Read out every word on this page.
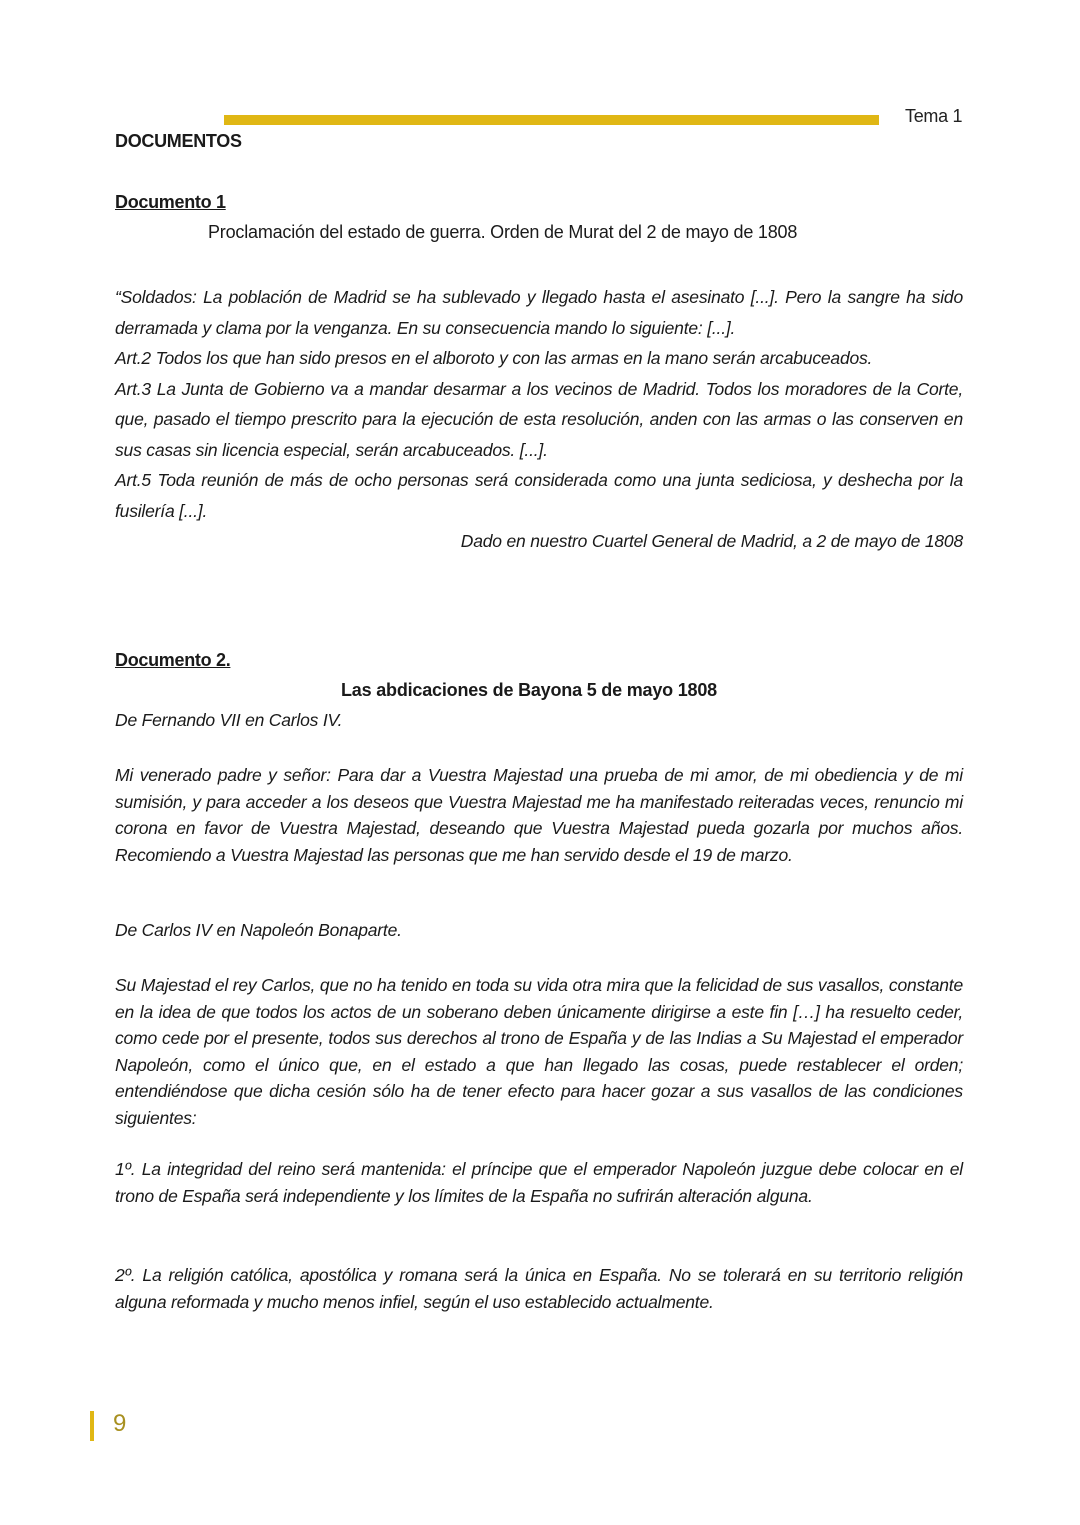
Tema 1
DOCUMENTOS
Documento 1
Proclamación del estado de guerra. Orden de Murat del 2 de mayo de 1808

“Soldados: La población de Madrid se ha sublevado y llegado hasta el asesinato [...]. Pero la sangre ha sido derramada y clama por la venganza. En su consecuencia mando lo siguiente: [...].

Art.2 Todos los que han sido presos en el alboroto y con las armas en la mano serán arcabuceados.

Art.3 La Junta de Gobierno va a mandar desarmar a los vecinos de Madrid. Todos los moradores de la Corte, que, pasado el tiempo prescrito para la ejecución de esta resolución, anden con las armas o las conserven en sus casas sin licencia especial, serán arcabuceados. [...].

Art.5 Toda reunión de más de ocho personas será considerada como una junta sediciosa, y deshecha por la fusilería [...].

Dado en nuestro Cuartel General de Madrid, a 2 de mayo de 1808

Documento 2.
Las abdicaciones de Bayona 5 de mayo 1808
De Fernando VII en Carlos IV.
Mi venerado padre y señor: Para dar a Vuestra Majestad una prueba de mi amor, de mi obediencia y de mi sumisión, y para acceder a los deseos que Vuestra Majestad me ha manifestado reiteradas veces, renuncio mi corona en favor de Vuestra Majestad, deseando que Vuestra Majestad pueda gozarla por muchos años. Recomiendo a Vuestra Majestad las personas que me han servido desde el 19 de marzo.
De Carlos IV en Napoleón Bonaparte.
Su Majestad el rey Carlos, que no ha tenido en toda su vida otra mira que la felicidad de sus vasallos, constante en la idea de que todos los actos de un soberano deben únicamente dirigirse a este fin […] ha resuelto ceder, como cede por el presente, todos sus derechos al trono de España y de las Indias a Su Majestad el emperador Napoleón, como el único que, en el estado a que han llegado las cosas, puede restablecer el orden; entendiéndose que dicha cesión sólo ha de tener efecto para hacer gozar a sus vasallos de las condiciones siguientes:
1º. La integridad del reino será mantenida: el príncipe que el emperador Napoleón juzgue debe colocar en el trono de España será independiente y los límites de la España no sufrirán alteración alguna.
2º. La religión católica, apostólica y romana será la única en España. No se tolerará en su territorio religión alguna reformada y mucho menos infiel, según el uso establecido actualmente.
9
